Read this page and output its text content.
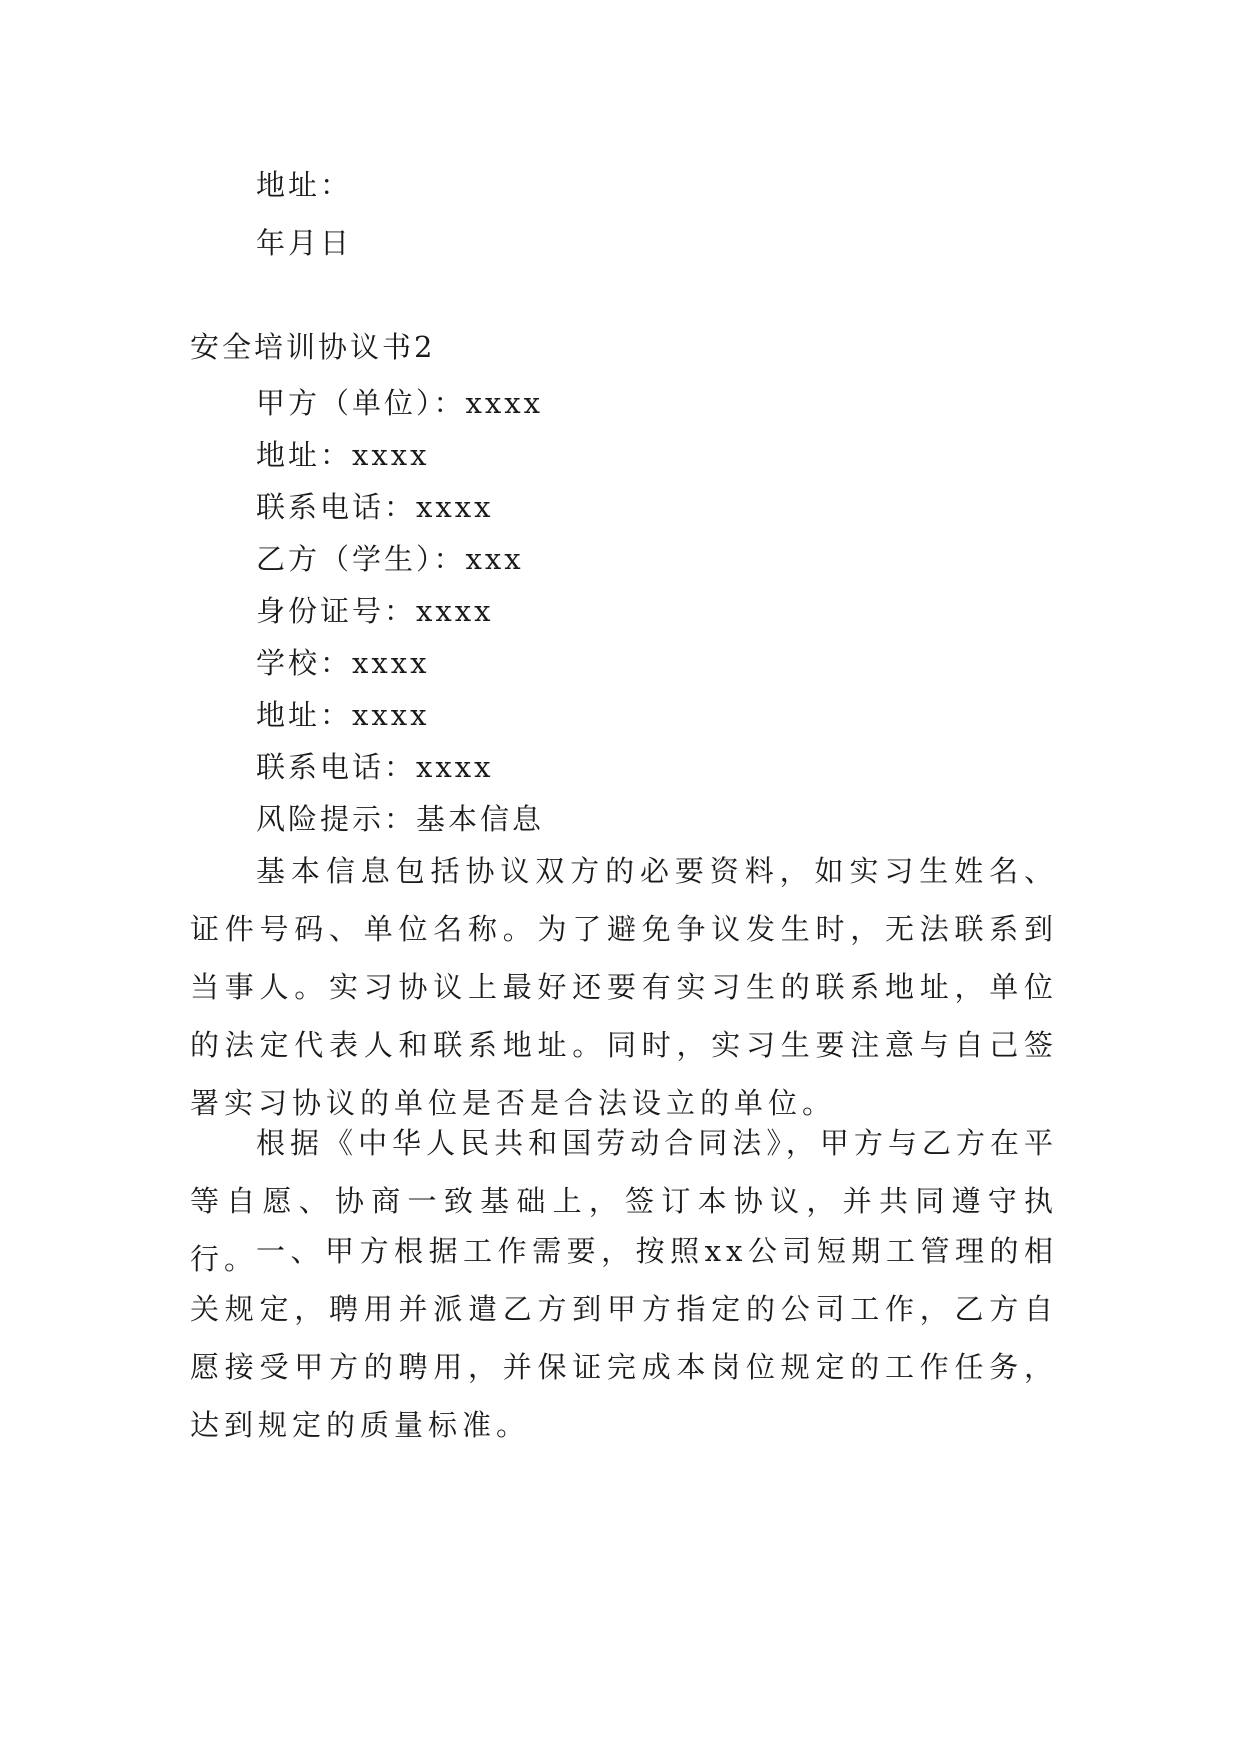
地址：
年月日
安全培训协议书2
甲方（单位）：xxxx
地址：xxxx
联系电话：xxxx
乙方（学生）：xxx
身份证号：xxxx
学校：xxxx
地址：xxxx
联系电话：xxxx
风险提示：基本信息

基本信息包括协议双方的必要资料，如实习生姓名、证件号码、单位名称。为了避免争议发生时，无法联系到当事人。实习协议上最好还要有实习生的联系地址，单位的法定代表人和联系地址。同时，实习生要注意与自己签署实习协议的单位是否是合法设立的单位。

根据《中华人民共和国劳动合同法》，甲方与乙方在平等自愿、协商一致基础上，签订本协议，并共同遵守执行。

一、甲方根据工作需要，按照xx公司短期工管理的相关规定，聘用并派遣乙方到甲方指定的公司工作，乙方自愿接受甲方的聘用，并保证完成本岗位规定的工作任务，达到规定的质量标准。
